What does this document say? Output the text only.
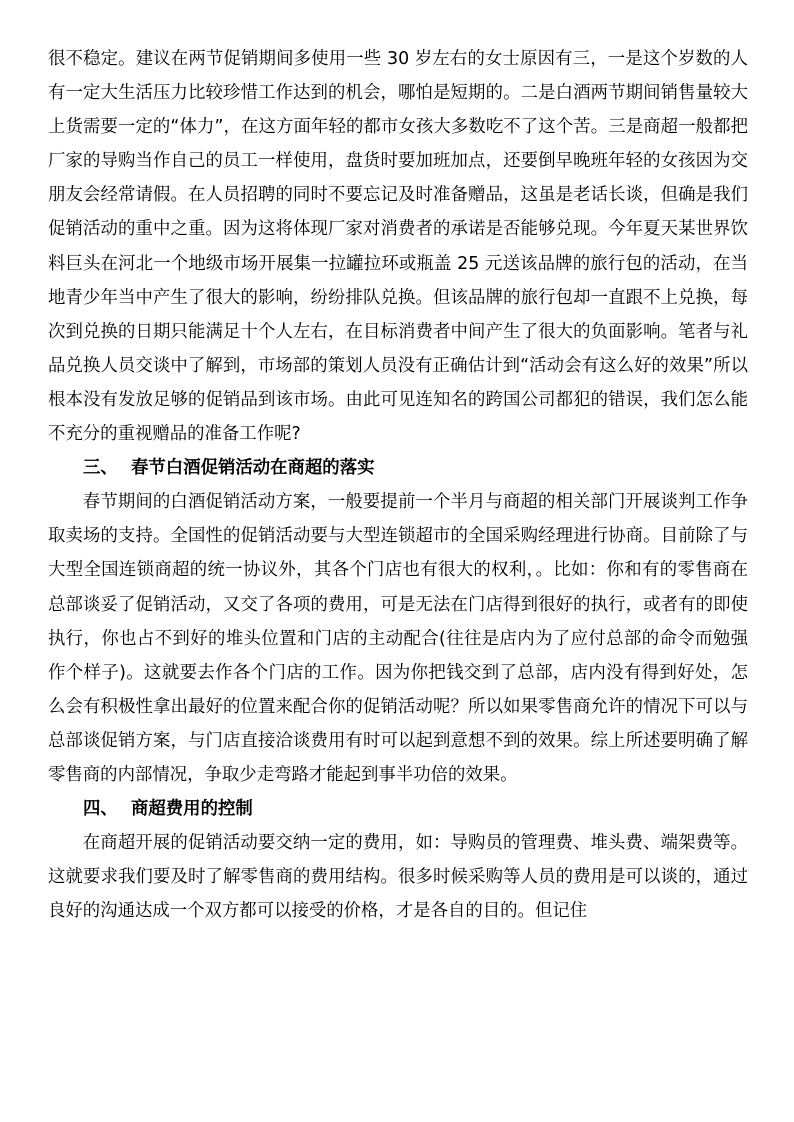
很不稳定。建议在两节促销期间多使用一些 30 岁左右的女士原因有三，一是这个岁数的人有一定大生活压力比较珍惜工作达到的机会，哪怕是短期的。二是白酒两节期间销售量较大上货需要一定的“体力”，在这方面年轻的都市女孩大多数吃不了这个苦。三是商超一般都把厂家的导购当作自己的员工一样使用，盘货时要加班加点，还要倒早晚班年轻的女孩因为交朋友会经常请假。在人员招聘的同时不要忘记及时准备赠品，这虽是老话长谈，但确是我们促销活动的重中之重。因为这将体现厂家对消费者的承诺是否能够兑现。今年夏天某世界饮料巨头在河北一个地级市场开展集一拉罐拉环或瓶盖 25 元送该品牌的旅行包的活动，在当地青少年当中产生了很大的影响，纷纷排队兑换。但该品牌的旅行包却一直跟不上兑换，每次到兑换的日期只能满足十个人左右，在目标消费者中间产生了很大的负面影响。笔者与礼品兑换人员交谈中了解到，市场部的策划人员没有正确估计到“活动会有这么好的效果”所以根本没有发放足够的促销品到该市场。由此可见连知名的跨国公司都犯的错误，我们怎么能不充分的重视赠品的准备工作呢?

三、 春节白酒促销活动在商超的落实

春节期间的白酒促销活动方案，一般要提前一个半月与商超的相关部门开展谈判工作争取卖场的支持。全国性的促销活动要与大型连锁超市的全国采购经理进行协商。目前除了与大型全国连锁商超的统一协议外，其各个门店也有很大的权利，。比如：你和有的零售商在总部谈妥了促销活动，又交了各项的费用，可是无法在门店得到很好的执行，或者有的即使执行，你也占不到好的堆头位置和门店的主动配合(往往是店内为了应付总部的命令而勉强作个样子)。这就要去作各个门店的工作。因为你把钱交到了总部，店内没有得到好处，怎么会有积极性拿出最好的位置来配合你的促销活动呢？所以如果零售商允许的情况下可以与总部谈促销方案，与门店直接洽谈费用有时可以起到意想不到的效果。综上所述要明确了解零售商的内部情况，争取少走弯路才能起到事半功倍的效果。

四、 商超费用的控制

在商超开展的促销活动要交纳一定的费用，如：导购员的管理费、堆头费、端架费等。这就要求我们要及时了解零售商的费用结构。很多时候采购等人员的费用是可以谈的，通过良好的沟通达成一个双方都可以接受的价格，才是各自的目的。但记住
